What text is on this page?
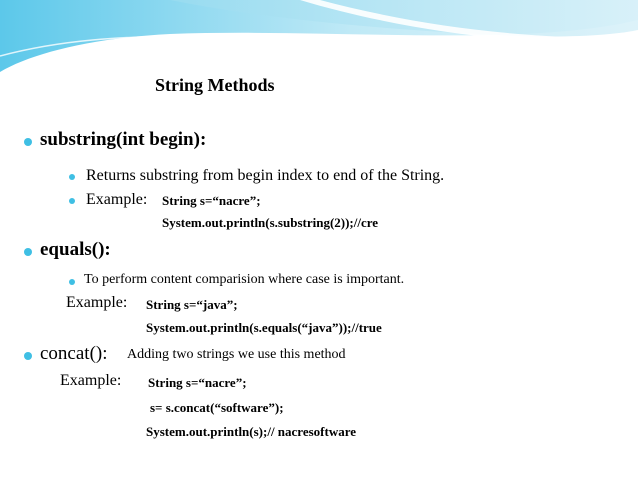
String Methods
substring(int begin):
Returns substring from begin index to end of the String.
Example: String s=“nacre”;
System.out.println(s.substring(2));//cre
equals():
To perform content comparision where case is important.
Example: String s=“java”;
System.out.println(s.equals(“java”));//true
concat(): Adding two strings we use this method
Example: String s=“nacre”;
s= s.concat(“software”);
System.out.println(s);// nacresoftware
